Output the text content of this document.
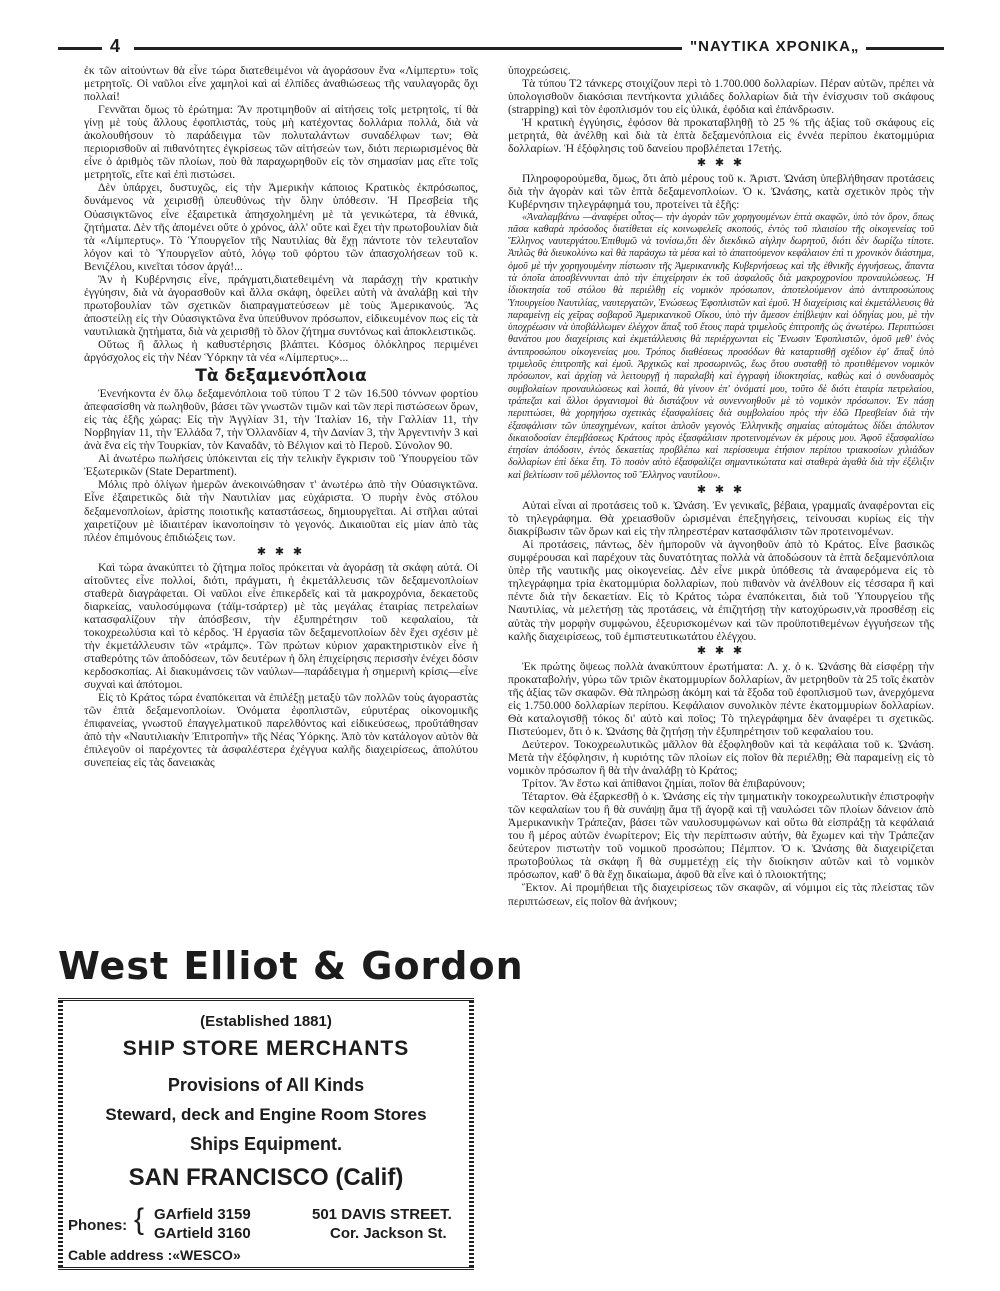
4	"ΝΑΥΤΙΚΑ ΧΡΟΝΙΚΑ„

ἐκ τῶν αἰτούντων θὰ εἶνε τώρα διατεθειμένοι νὰ ἀγοράσουν ἕνα «Λίμπερτυ» τοῖς μετρητοῖς. Οἱ ναῦλοι εἶνε χαμηλοὶ καὶ αἱ ἐλπίδες ἀναθιώσεως τῆς ναυλαγορᾶς ὄχι πολλαί!

Γεννᾶται ὅμως τὸ ἐρώτημα: Ἂν προτιμηθοῦν αἱ αἰτήσεις τοῖς μετρητοῖς, τί θὰ γίνῃ μὲ τοὺς ἄλλους ἐφοπλιστάς, τοὺς μὴ κατέχοντας δολλάρια πολλά, διὰ νὰ ἀκολουθήσουν τὸ παράδειγμα τῶν πολυταλάντων συναδέλφων των; Θὰ περιορισθοῦν αἱ πιθανότητες ἐγκρίσεως τῶν αἰτήσεών των, διότι περιωρισμένος θὰ εἶνε ὁ ἀριθμὸς τῶν πλοίων, ποὺ θὰ παραχωρηθοῦν εἰς τὸν σημασίαν μας εἴτε τοῖς μετρητοῖς, εἴτε καὶ ἐπὶ πιστώσει.

Δὲν ὑπάρχει, δυστυχῶς, εἰς τὴν Ἀμερικὴν κάποιος Κρατικὸς ἐκπρόσωπος, δυνάμενος νὰ χειρισθῇ ὑπευθύνως τὴν ὅλην ὑπόθεσιν. Ἡ Πρεσβεία τῆς Οὐασιγκτῶνος εἶνε ἐξαιρετικὰ ἀπησχολημένη μὲ τὰ γενικώτερα, τὰ ἐθνικά, ζητήματα. Δὲν τῆς ἀπομένει οὔτε ὁ χρόνος, ἀλλ' οὔτε καὶ ἔχει τὴν πρωτοβουλίαν διὰ τὰ «Λίμπερτυς». Τὸ Ὑπουργεῖον τῆς Ναυτιλίας θὰ ἔχῃ πάντοτε τὸν τελευταῖον λόγον καὶ τὸ Ὑπουργεῖον αὐτό, λόγῳ τοῦ φόρτου τῶν ἀπασχολήσεων τοῦ κ. Βενιζέλου, κινεῖται τόσον ἀργά!...

Ἂν ἡ Κυβέρνησις εἶνε, πράγματι,διατεθειμένη νὰ παράσχῃ τὴν κρατικὴν ἐγγύησιν, διὰ νὰ ἀγορασθοῦν καὶ ἄλλα σκάφη, ὀφείλει αὐτὴ νὰ ἀναλάβῃ καὶ τὴν πρωτοβουλίαν τῶν σχετικῶν διαπραγματεύσεων μὲ τοὺς Ἀμερικανούς. Ἂς ἀποστείλῃ εἰς τὴν Οὐασιγκτῶνα ἕνα ὑπεύθυνον πρόσωπον, εἰδικευμένον πως εἰς τὰ ναυτιλιακὰ ζητήματα, διὰ νὰ χειρισθῇ τὸ ὅλον ζήτημα συντόνως καὶ ἀποκλειστικῶς.

Οὕτως ἢ ἄλλως ἡ καθυστέρησις βλάπτει. Κόσμος ὁλόκληρος περιμένει ἀργόσχολος εἰς τὴν Νέαν Ὑόρκην τὰ νέα «Λίμπερτυς»...

Τὰ δεξαμενόπλοια

Ἐνενήκοντα ἐν ὅλῳ δεξαμενόπλοια τοῦ τύπου Τ 2 τῶν 16.500 τόννων φορτίου ἀπεφασίσθη νὰ πωληθοῦν, βάσει τῶν γνωστῶν τιμῶν καὶ τῶν περὶ πιστώσεων ὅρων, εἰς τὰς ἑξῆς χώρας: Εἰς τὴν Ἀγγλίαν 31, τὴν Ἰταλίαν 16, τὴν Γαλλίαν 11, τὴν Νορβηγίαν 11, τὴν Ἑλλάδα 7, τὴν Ὀλλανδίαν 4, τὴν Δανίαν 3, τὴν Ἀργεντινὴν 3 καὶ ἀνὰ ἕνα εἰς τὴν Τουρκίαν, τὸν Καναδᾶν, τὸ Βέλγιον καὶ τὸ Περοῦ. Σύνολον 90.

Αἱ ἀνωτέρω πωλήσεις ὑπόκεινται εἰς τὴν τελικὴν ἔγκρισιν τοῦ Ὑπουργείου τῶν Ἐξωτερικῶν (State Department).

Μόλις πρὸ ὀλίγων ἡμερῶν ἀνεκοινώθησαν τ' ἀνωτέρω ἀπὸ τὴν Οὐασιγκτῶνα. Εἶνε ἐξαιρετικῶς διὰ τὴν Ναυτιλίαν μας εὐχάριστα. Ὁ πυρὴν ἑνὸς στόλου δεξαμενοπλοίων, ἀρίστης ποιοτικῆς καταστάσεως, δημιουργεῖται. Αἱ στῆλαι αὐταὶ χαιρετίζουν μὲ ἰδιαιτέραν ἱκανοποίησιν τὸ γεγονός. Δικαιοῦται εἰς μίαν ἀπὸ τὰς πλέον ἐπιμόνους ἐπιδιώξεις των.

✱ ✱ ✱

Καὶ τώρα ἀνακύπτει τὸ ζήτημα ποῖος πρόκειται νὰ ἀγοράσῃ τὰ σκάφη αὐτά. Οἱ αἰτοῦντες εἶνε πολλοί, διότι, πράγματι, ἡ ἐκμετάλλευσις τῶν δεξαμενοπλοίων σταθερὰ διαγράφεται. Οἱ ναῦλοι εἶνε ἐπικερδεῖς καὶ τὰ μακροχρόνια, δεκαετοῦς διαρκείας, ναυλοσύμφωνα (τάϊμ-τσάρτερ) μὲ τὰς μεγάλας ἑταιρίας πετρελαίων κατασφαλίζουν τὴν ἀπόσβεσιν, τὴν ἐξυπηρέτησιν τοῦ κεφαλαίου, τὰ τοκοχρεωλύσια καὶ τὸ κέρδος. Ἡ ἐργασία τῶν δεξαμενοπλοίων δὲν ἔχει σχέσιν μὲ τὴν ἐκμετάλλευσιν τῶν «τράμπς». Τῶν πρώτων κύριον χαρακτηριστικὸν εἶνε ἡ σταθερότης τῶν ἀποδόσεων, τῶν δευτέρων ἡ ὅλη ἐπιχείρησις περισσὴν ἐνέχει δόσιν κερδοσκοπίας. Αἱ διακυμάνσεις τῶν ναύλων—παράδειγμα ἡ σημερινὴ κρίσις—εἶνε συχναὶ καὶ ἀπότομοι.

Εἰς τὸ Κράτος τώρα ἐναπόκειται νὰ ἐπιλέξῃ μεταξὺ τῶν πολλῶν τοὺς ἀγοραστὰς τῶν ἑπτὰ δεξαμενοπλοίων. Ὀνόματα ἐφοπλιστῶν, εὐρυτέρας οἰκονομικῆς ἐπιφανείας, γνωστοῦ ἐπαγγελματικοῦ παρελθόντος καὶ εἰδικεύσεως, προὔτάθησαν ἀπὸ τὴν «Ναυτιλιακὴν Ἐπιτροπὴν» τῆς Νέας Ὑόρκης. Ἀπὸ τὸν κατάλογον αὐτὸν θὰ ἐπιλεγοῦν οἱ παρέχοντες τὰ ἀσφαλέστερα ἐχέγγυα καλῆς διαχειρίσεως, ἀπολύτου συνεπείας εἰς τὰς δανειακὰς

ὑποχρεώσεις.

Τὰ τύπου Τ2 τάνκερς στοιχίζουν περὶ τὸ 1.700.000 δολλαρίων. Πέραν αὐτῶν, πρέπει νὰ ὑπολογισθοῦν διακόσιαι πεντήκοντα χιλιάδες δολλαρίων διὰ τὴν ἐνίσχυσιν τοῦ σκάφους (strapping) καὶ τὸν ἐφοπλισμόν του εἰς ὑλικά, ἐφόδια καὶ ἐπάνδρωσιν.

Ἡ κρατικὴ ἐγγύησις, ἐφόσον θὰ προκαταβληθῇ τὸ 25 % τῆς ἀξίας τοῦ σκάφους εἰς μετρητά, θὰ ἀνέλθῃ καὶ διὰ τὰ ἑπτὰ δεξαμενόπλοια εἰς ἐννέα περίπου ἑκατομμύρια δολλαρίων. Ἡ ἐξόφλησις τοῦ δανείου προβλέπεται 17ετής.

✱ ✱ ✱

Πληροφορούμεθα, ὅμως, ὅτι ἀπὸ μέρους τοῦ κ. Ἀριστ. Ὠνάση ὑπεβλήθησαν προτάσεις διὰ τὴν ἀγορὰν καὶ τῶν ἑπτὰ δεξαμενοπλοίων. Ὁ κ. Ὠνάσης, κατὰ σχετικὸν πρὸς τὴν Κυβέρνησιν τηλεγράφημά του, προτείνει τὰ ἑξῆς:

«Ἀναλαμβάνω —ἀναφέρει οὗτος— τὴν ἀγορὰν τῶν χορηγουμένων ἑπτὰ σκαφῶν, ὑπὸ τὸν ὅρον, ὅπως πᾶσα καθαρὰ πρόσοδος διατίθεται εἰς κοινωφελεῖς σκοπούς, ἐντὸς τοῦ πλαισίου τῆς οἰκογενείας τοῦ Ἕλληνος ναυτεργάτου.Ἐπιθυμῶ νὰ τονίσω,ὅτι δὲν διεκδικῶ αἰγλην δωρητοῦ, διότι δὲν δωρίζω τίποτε. Ἁπλῶς θὰ διευκολύνω καὶ θὰ παράσχω τὰ μέσα καὶ τὸ ἀπαιτούμενον κεφάλαιον ἐπὶ τι χρονικὸν διάστημα, ὁμοῦ μὲ τὴν χορηγουμένην πίστωσιν τῆς Ἀμερικανικῆς Κυβερνήσεως καὶ τῆς ἐθνικῆς ἐγγυήσεως, ἅπαντα τὰ ὁποῖα ἀποσβέννυνται ἀπὸ τὴν ἐπιχείρησιν ἐκ τοῦ ἀσφαλοῦς διὰ μακροχρονίου προναυλώσεως. Ἡ ἰδιοκτησία τοῦ στόλου θὰ περιέλθῃ εἰς νομικὸν πρόσωπον, ἀποτελούμενον ἀπὸ ἀντιπροσώπους Ὑπουργείου Ναυτιλίας, ναυτεργατῶν, Ἑνώσεως Ἐφοπλιστῶν καὶ ἐμοῦ. Ἡ διαχείρισις καὶ ἐκμετάλλευσις θὰ παραμείνῃ εἰς χεῖρας σοβαροῦ Ἀμερικανικοῦ Οἴκου, ὑπὸ τὴν ἄμεσον ἐπίβλεψιν καὶ ὁδηγίας μου, μὲ τὴν ὑποχρέωσιν νὰ ὑποβάλλωμεν ἐλέγχον ἅπαξ τοῦ ἔτους παρὰ τριμελοῦς ἐπιτροπῆς ὡς ἀνωτέρω. Περιπτώσει θανάτου μου διαχείρισις καὶ ἐκμετάλλευσις θὰ περιέρχωνται εἰς Ἕνωσιν Ἐφοπλιστῶν, ὁμοῦ μεθ' ἑνὸς ἀντιπροσώπου οἰκογενείας μου. Τρόπος διαθέσεως προσόδων θὰ καταρτισθῇ σχέδιον ἐφ' ἅπαξ ὑπὸ τριμελοῦς ἐπιτροπῆς καὶ ἐμοῦ. Ἀρχικῶς καὶ προσωρινῶς, ἕως ὅτου συσταθῇ τὸ προτιθέμενον νομικὸν πρόσωπον, καὶ ἀρχίσῃ νὰ λειτουργῇ ἡ παραλαβὴ καὶ ἐγγραφὴ ἰδιοκτησίας, καθὼς καὶ ὁ συνδυασμὸς συμβολαίων προναυλώσεως καὶ λοιπά, θὰ γίνουν ἐπ' ὀνόματί μου, τοῦτο δὲ διότι ἑταιρία πετρελαίου, τράπεζαι καὶ ἄλλοι ὀργανισμοὶ θὰ διστάζουν νὰ συνεννοηθοῦν μὲ τὸ νομικὸν πρόσωπον. Ἐν πάσῃ περιπτώσει, θὰ χορηγήσω σχετικὰς ἐξασφαλίσεις διὰ συμβολαίου πρὸς τὴν ἐδῶ Πρεσβείαν διὰ τὴν ἐξασφάλισιν τῶν ὑπεσχημένων, καίτοι ἁπλοῦν γεγονὸς Ἑλληνικῆς σημαίας αὐτομάτως δίδει ἀπόλυτον δικαιοδοσίαν ἐπεμβάσεως Κράτους πρὸς ἐξασφάλισιν προτεινομένων ἐκ μέρους μου. Ἀφοῦ ἐξασφαλίσω ἐτησίαν ἀπόδοσιν, ἐντὸς δεκαετίας προβλέπω καὶ περίσσευμα ἐτήσιον περίπου τριακοσίων χιλιάδων δολλαρίων ἐπὶ δέκα ἔτη. Τὸ ποσὸν αὐτὸ ἐξασφαλίζει σημαντικώτατα καὶ σταθερὰ ἀγαθὰ διὰ τὴν ἐξέλιξιν καὶ βελτίωσιν τοῦ μέλλοντος τοῦ Ἕλληνος ναυτίλου».

✱ ✱ ✱

Αὐταὶ εἶναι αἱ προτάσεις τοῦ κ. Ὠνάση. Ἐν γενικαῖς, βέβαια, γραμμαῖς ἀναφέρονται εἰς τὸ τηλεγράφημα. Θὰ χρειασθοῦν ὡρισμέναι ἐπεξηγήσεις, τείνουσαι κυρίως εἰς τὴν διακρίβωσιν τῶν ὅρων καὶ εἰς τὴν πληρεστέραν κατασφάλισιν τῶν προτεινομένων.

Αἱ προτάσεις, πάντως, δὲν ἠμποροῦν νὰ ἀγνοηθοῦν ἀπὸ τὸ Κράτος. Εἶνε βασικῶς συμφέρουσαι καὶ παρέχουν τὰς δυνατότητας πολλὰ νὰ ἀποδώσουν τὰ ἑπτὰ δεξαμενόπλοια ὑπὲρ τῆς ναυτικῆς μας οἰκογενείας. Δὲν εἶνε μικρὰ ὑπόθεσις τὰ ἀναφερόμενα εἰς τὸ τηλεγράφημα τρία ἑκατομμύρια δολλαρίων, ποὺ πιθανὸν νὰ ἀνέλθουν εἰς τέσσαρα ἢ καὶ πέντε διὰ τὴν δεκαετίαν. Εἰς τὸ Κράτος τώρα ἐναπόκειται, διὰ τοῦ Ὑπουργείου τῆς Ναυτιλίας, νὰ μελετήσῃ τὰς προτάσεις, νὰ ἐπιζητήσῃ τὴν κατοχύρωσιν,νὰ προσθέσῃ εἰς αὐτὰς τὴν μορφὴν συμφώνου, ἐξευρισκομένων καὶ τῶν προϋποτιθεμένων ἐγγυήσεων τῆς καλῆς διαχειρίσεως, τοῦ ἐμπιστευτικωτάτου ἐλέγχου.

✱ ✱ ✱

Ἐκ πρώτης ὄψεως πολλὰ ἀνακύπτουν ἐρωτήματα: Λ. χ. ὁ κ. Ὠνάσης θὰ εἰσφέρῃ τὴν προκαταβολήν, γύρω τῶν τριῶν ἑκατομμυρίων δολλαρίων, ἂν μετρηθοῦν τὰ 25 τοῖς ἑκατὸν τῆς ἀξίας τῶν σκαφῶν. Θὰ πληρώσῃ ἀκόμη καὶ τὰ ἔξοδα τοῦ ἐφοπλισμοῦ των, ἀνερχόμενα εἰς 1.750.000 δολλαρίων περίπου. Κεφάλαιον συνολικὸν πέντε ἑκατομμυρίων δολλαρίων. Θὰ καταλογισθῇ τόκος δι' αὐτὸ καὶ ποῖος; Τὸ τηλεγράφημα δὲν ἀναφέρει τι σχετικῶς. Πιστεύομεν, ὅτι ὁ κ. Ὠνάσης θὰ ζητήσῃ τὴν ἐξυπηρέτησιν τοῦ κεφαλαίου του.

Δεύτερον. Τοκοχρεωλυτικῶς μᾶλλον θὰ ἐξοφληθοῦν καὶ τὰ κεφάλαια τοῦ κ. Ὠνάση. Μετὰ τὴν ἐξόφλησιν, ἡ κυριότης τῶν πλοίων εἰς ποῖον θὰ περιέλθῃ; Θὰ παραμείνῃ εἰς τὸ νομικὸν πρόσωπον ἢ θὰ τὴν ἀναλάβῃ τὸ Κράτος;

Τρίτον. Ἂν ἔστω καὶ ἀπίθανοι ζημίαι, ποῖον θὰ ἐπιβαρύνουν;

Τέταρτον. Θὰ ἐξαρκεσθῇ ὁ κ. Ὠνάσης εἰς τὴν τμηματικὴν τοκοχρεωλυτικὴν ἐπιστροφὴν τῶν κεφαλαίων του ἢ θὰ συνάψῃ ἅμα τῇ ἀγορᾷ καὶ τῇ ναυλώσει τῶν πλοίων δάνειον ἀπὸ Ἀμερικανικὴν Τράπεζαν, βάσει τῶν ναυλοσυμφώνων καὶ οὕτω θὰ εἰσπράξῃ τὰ κεφάλαιά του ἢ μέρος αὐτῶν ἐνωρίτερον; Εἰς τὴν περίπτωσιν αὐτήν, θὰ ἔχωμεν καὶ τὴν Τράπεζαν δεύτερον πιστωτὴν τοῦ νομικοῦ προσώπου; Πέμπτον. Ὁ κ. Ὠνάσης θὰ διαχειρίζεται πρωτοβούλως τὰ σκάφη ἢ θὰ συμμετέχῃ εἰς τὴν διοίκησιν αὐτῶν καὶ τὸ νομικὸν πρόσωπον, καθ' ὃ θὰ ἔχῃ δικαίωμα, ἀφοῦ θὰ εἶνε καὶ ὁ πλοιοκτήτης;

Ἕκτον. Αἱ προμήθειαι τῆς διαχειρίσεως τῶν σκαφῶν, αἱ νόμιμοι εἰς τὰς πλείστας τῶν περιπτώσεων, εἰς ποῖον θὰ ἀνήκουν;

West Elliot & Gordon
(Established 1881)
SHIP STORE MERCHANTS
Provisions of All Kinds
Steward, deck and Engine Room Stores
Ships Equipment.
SAN FRANCISCO (Calif)
Phones: { GArfield 3159
GArtield 3160
501 DAVIS STREET.
Cor. Jackson St.
Cable address :«WESCO»
